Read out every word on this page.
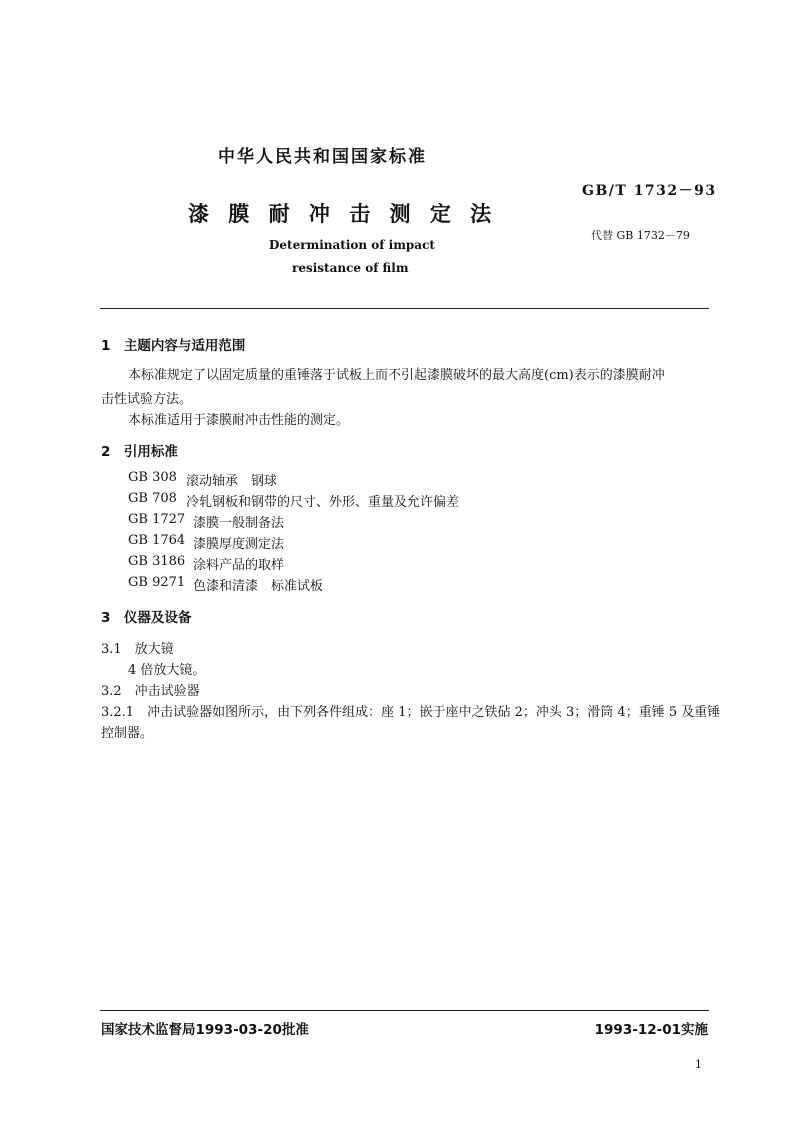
中华人民共和国国家标准
漆 膜 耐 冲 击 测 定 法
GB/T 1732－93
代替 GB 1732－79
Determination of impact
resistance of film
1　主题内容与适用范围
本标准规定了以固定质量的重锤落于试板上而不引起漆膜破坏的最大高度(cm)表示的漆膜耐冲
击性试验方法。
本标准适用于漆膜耐冲击性能的测定。
2　引用标准
GB 308 滚动轴承　钢球
GB 708 冷轧钢板和钢带的尺寸、外形、重量及允许偏差
GB 1727 漆膜一般制备法
GB 1764 漆膜厚度测定法
GB 3186 涂料产品的取样
GB 9271 色漆和清漆　标准试板
3　仪器及设备
3.1　放大镜
4 倍放大镜。
3.2　冲击试验器
3.2.1　冲击试验器如图所示，由下列各件组成：座 1；嵌于座中之铁砧 2；冲头 3；滑筒 4；重锤 5 及重锤
控制器。
国家技术监督局1993-03-20批准	1993-12-01实施
1
